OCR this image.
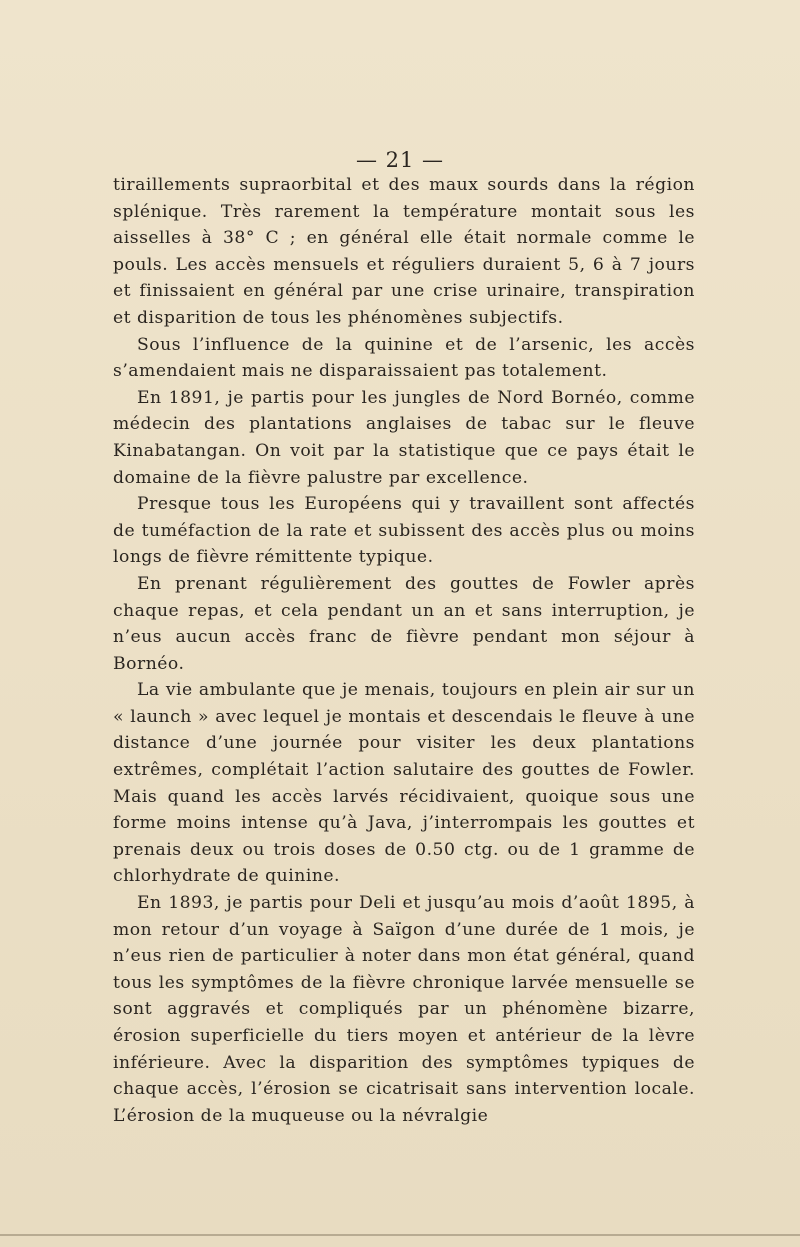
— 21 —

tiraillements supraorbital et des maux sourds dans la région splénique. Très rarement la température montait sous les aisselles à 38° C ; en général elle était normale comme le pouls. Les accès mensuels et réguliers duraient 5, 6 à 7 jours et finissaient en général par une crise urinaire, transpiration et disparition de tous les phénomènes subjectifs.

Sous l’influence de la quinine et de l’arsenic, les accès s’amendaient mais ne disparaissaient pas totalement.

En 1891, je partis pour les jungles de Nord Bornéo, comme médecin des plantations anglaises de tabac sur le fleuve Kinabatangan. On voit par la statistique que ce pays était le domaine de la fièvre palustre par excellence.

Presque tous les Européens qui y travaillent sont affectés de tuméfaction de la rate et subissent des accès plus ou moins longs de fièvre rémittente typique.

En prenant régulièrement des gouttes de Fowler après chaque repas, et cela pendant un an et sans interruption, je n’eus aucun accès franc de fièvre pendant mon séjour à Bornéo.

La vie ambulante que je menais, toujours en plein air sur un « launch » avec lequel je montais et descendais le fleuve à une distance d’une journée pour visiter les deux plantations extrêmes, complétait l’action salutaire des gouttes de Fowler. Mais quand les accès larvés récidivaient, quoique sous une forme moins intense qu’à Java, j’interrompais les gouttes et prenais deux ou trois doses de 0.50 ctg. ou de 1 gramme de chlorhydrate de quinine.

En 1893, je partis pour Deli et jusqu’au mois d’août 1895, à mon retour d’un voyage à Saïgon d’une durée de 1 mois, je n’eus rien de particulier à noter dans mon état général, quand tous les symptômes de la fièvre chronique larvée mensuelle se sont aggravés et compliqués par un phénomène bizarre, érosion superficielle du tiers moyen et antérieur de la lèvre inférieure. Avec la disparition des symptômes typiques de chaque accès, l’érosion se cicatrisait sans intervention locale. L’érosion de la muqueuse ou la névralgie
